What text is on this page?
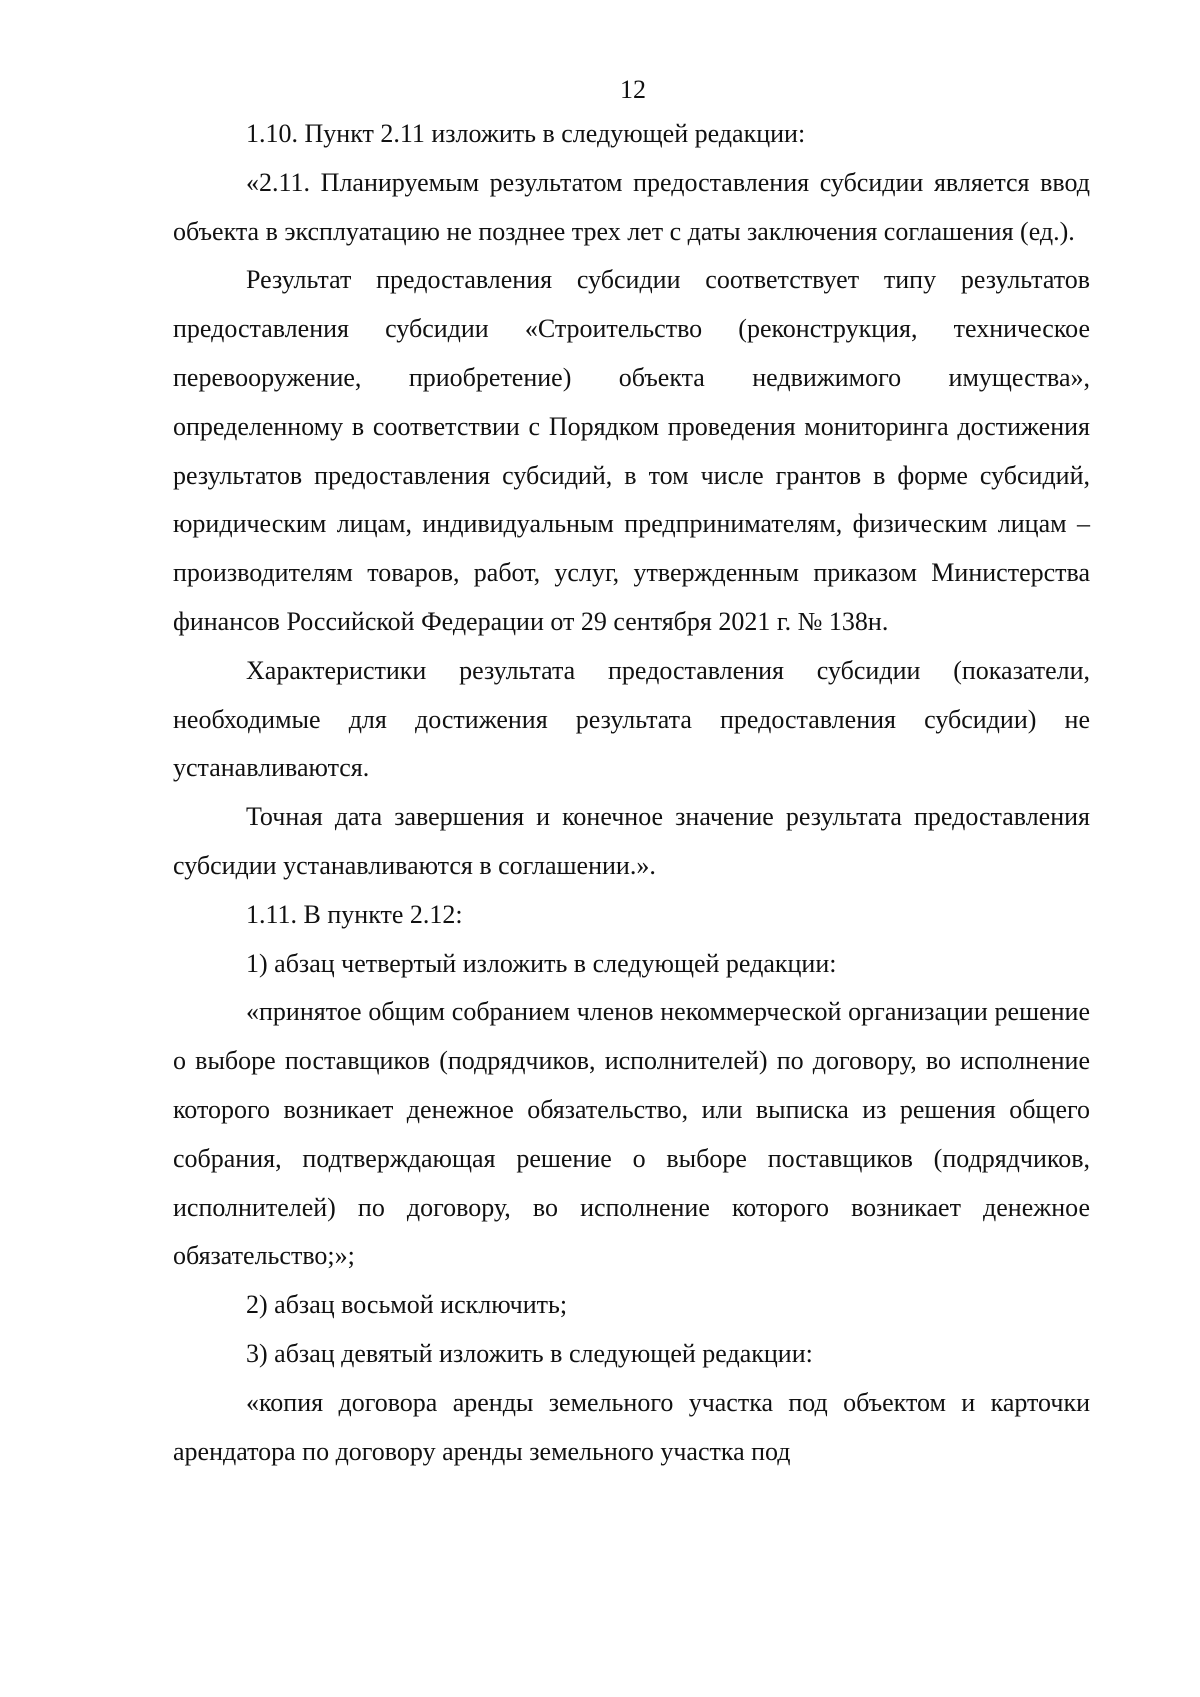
12

1.10. Пункт 2.11 изложить в следующей редакции:

«2.11. Планируемым результатом предоставления субсидии является ввод объекта в эксплуатацию не позднее трех лет с даты заключения соглашения (ед.).

Результат предоставления субсидии соответствует типу результатов предоставления субсидии «Строительство (реконструкция, техническое перевооружение, приобретение) объекта недвижимого имущества», определенному в соответствии с Порядком проведения мониторинга достижения результатов предоставления субсидий, в том числе грантов в форме субсидий, юридическим лицам, индивидуальным предпринимателям, физическим лицам – производителям товаров, работ, услуг, утвержденным приказом Министерства финансов Российской Федерации от 29 сентября 2021 г. № 138н.

Характеристики результата предоставления субсидии (показатели, необходимые для достижения результата предоставления субсидии) не устанавливаются.

Точная дата завершения и конечное значение результата предоставления субсидии устанавливаются в соглашении.».

1.11. В пункте 2.12:

1) абзац четвертый изложить в следующей редакции:

«принятое общим собранием членов некоммерческой организации решение о выборе поставщиков (подрядчиков, исполнителей) по договору, во исполнение которого возникает денежное обязательство, или выписка из решения общего собрания, подтверждающая решение о выборе поставщиков (подрядчиков, исполнителей) по договору, во исполнение которого возникает денежное обязательство;»;

2) абзац восьмой исключить;

3) абзац девятый изложить в следующей редакции:

«копия договора аренды земельного участка под объектом и карточки арендатора по договору аренды земельного участка под
